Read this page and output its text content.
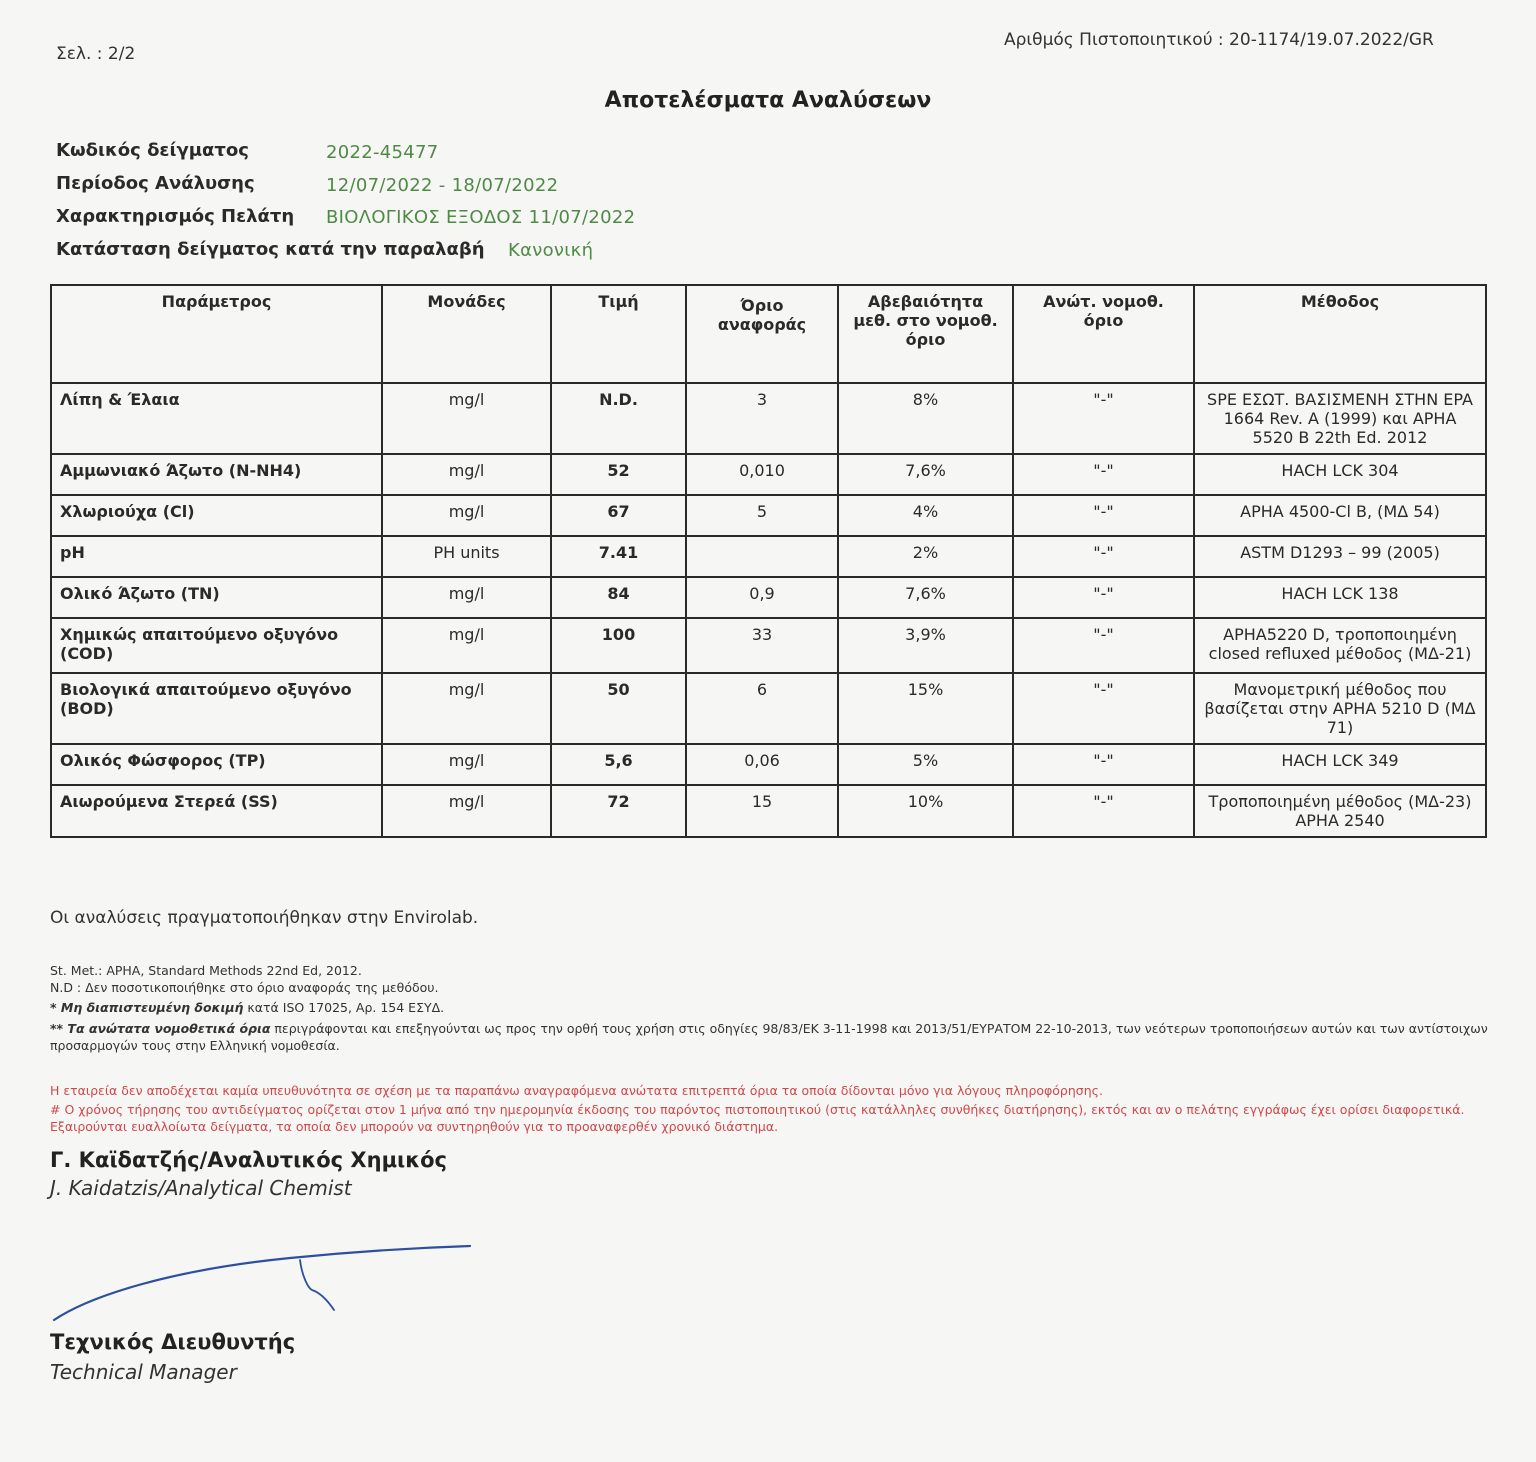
Σελ. : 2/2
Αριθμός Πιστοποιητικού : 20-1174/19.07.2022/GR
Αποτελέσματα Αναλύσεων
Κωδικός δείγματος	2022-45477
Περίοδος Ανάλυσης	12/07/2022 - 18/07/2022
Χαρακτηρισμός Πελάτη ΒΙΟΛΟΓΙΚΟΣ ΕΞΟΔΟΣ 11/07/2022
Κατάσταση δείγματος κατά την παραλαβή Κανονική
Παράμετρος	Μονάδες	Τιμή	Όριο αναφοράς	Αβεβαιότητα μεθ. στο νομοθ. όριο	Ανώτ. νομοθ. όριο	Μέθοδος
Λίπη & Έλαια	mg/l	N.D.	3	8%	"-"	SPE ΕΣΩΤ. ΒΑΣΙΣΜΕΝΗ ΣΤΗΝ EPA 1664 Rev. A (1999) και APHA 5520 B 22th Ed. 2012
Αμμωνιακό Άζωτο (N-NH4)	mg/l	52	0,010	7,6%	"-"	HACH LCK 304
Χλωριούχα (Cl)	mg/l	67	5	4%	"-"	APHA 4500-Cl B, (ΜΔ 54)
pH	PH units	7.41		2%	"-"	ASTM D1293 – 99 (2005)
Ολικό Άζωτο (TN)	mg/l	84	0,9	7,6%	"-"	HACH LCK 138
Χημικώς απαιτούμενο οξυγόνο (COD)	mg/l	100	33	3,9%	"-"	APHA5220 D, τροποποιημένη closed refluxed μέθοδος (ΜΔ-21)
Βιολογικά απαιτούμενο οξυγόνο (BOD)	mg/l	50	6	15%	"-"	Μανομετρική μέθοδος που βασίζεται στην APHA 5210 D (ΜΔ 71)
Ολικός Φώσφορος (TP)	mg/l	5,6	0,06	5%	"-"	HACH LCK 349
Αιωρούμενα Στερεά (SS)	mg/l	72	15	10%	"-"	Τροποποιημένη μέθοδος (ΜΔ-23) APHA 2540
Οι αναλύσεις πραγματοποιήθηκαν στην Envirolab.
St. Met.: APHA, Standard Methods 22nd Ed, 2012.
N.D : Δεν ποσοτικοποιήθηκε στο όριο αναφοράς της μεθόδου.
* Μη διαπιστευμένη δοκιμή κατά ISO 17025, Αρ. 154 ΕΣΥΔ.
** Τα ανώτατα νομοθετικά όρια περιγράφονται και επεξηγούνται ως προς την ορθή τους χρήση στις οδηγίες 98/83/ΕΚ 3-11-1998 και 2013/51/ΕΥΡΑΤΟΜ 22-10-2013, των νεότερων τροποποιήσεων αυτών και των αντίστοιχων προσαρμογών τους στην Ελληνική νομοθεσία.
Η εταιρεία δεν αποδέχεται καμία υπευθυνότητα σε σχέση με τα παραπάνω αναγραφόμενα ανώτατα επιτρεπτά όρια τα οποία δίδονται μόνο για λόγους πληροφόρησης.
# Ο χρόνος τήρησης του αντιδείγματος ορίζεται στον 1 μήνα από την ημερομηνία έκδοσης του παρόντος πιστοποιητικού (στις κατάλληλες συνθήκες διατήρησης), εκτός και αν ο πελάτης εγγράφως έχει ορίσει διαφορετικά. Εξαιρούνται ευαλλοίωτα δείγματα, τα οποία δεν μπορούν να συντηρηθούν για το προαναφερθέν χρονικό διάστημα.
Γ. Καϊδατζής/Αναλυτικός Χημικός
J. Kaidatzis/Analytical Chemist
Τεχνικός Διευθυντής
Technical Manager
